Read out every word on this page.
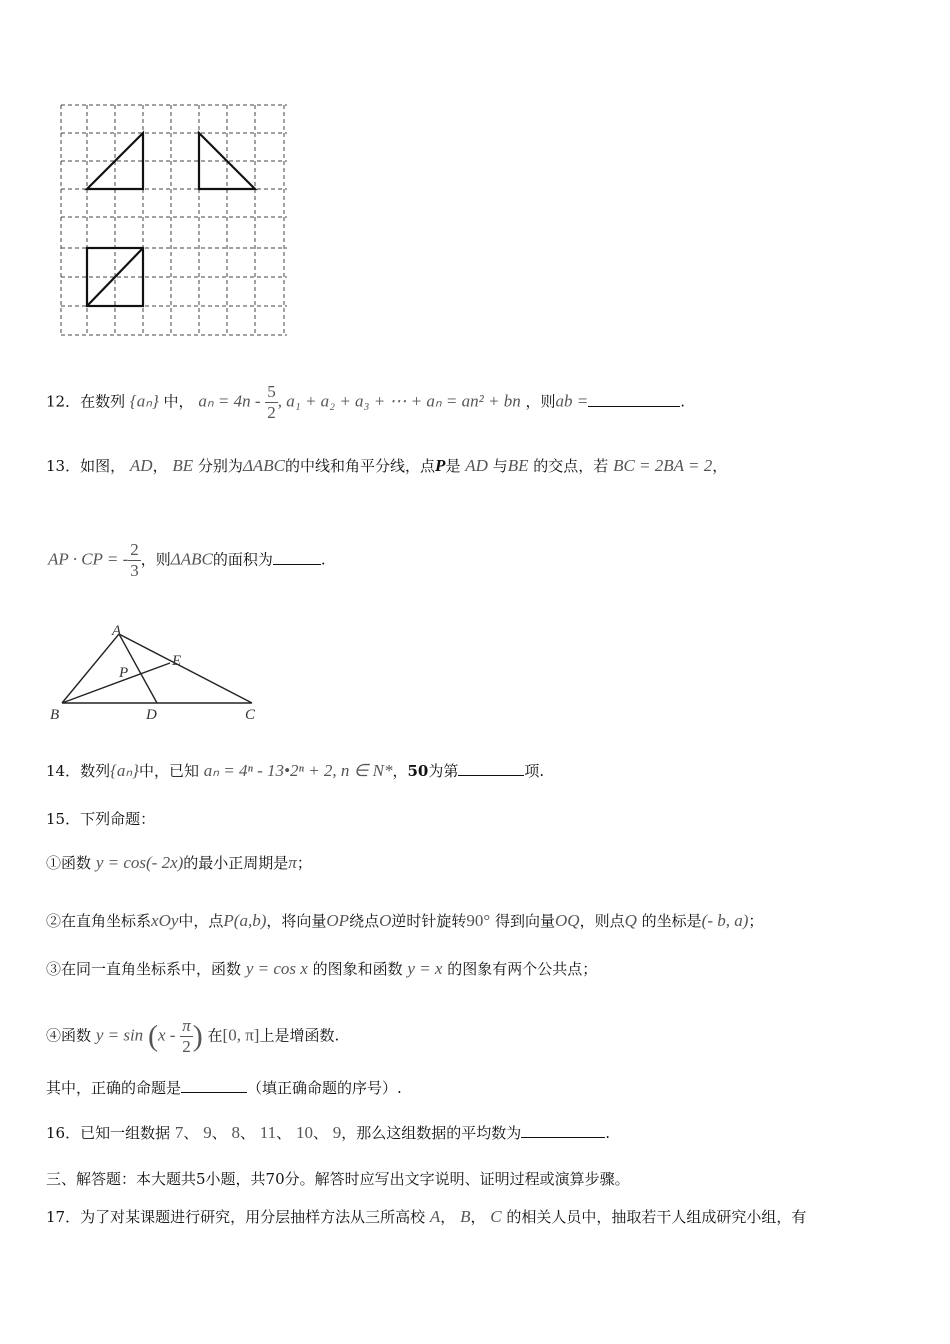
12．在数列 {aₙ} 中， $a_n = 4n - \frac{5}{2}$ , a₁ + a₂ + a₃ + ⋯ + aₙ = an² + bn ，则ab =	.
13．如图， AD， BE 分别为ΔABC的中线和角平分线，点P是 AD 与BE 的交点，若 BC = 2BA = 2，
AP · CP = - $\frac{2}{3}$ ，则ΔABC的面积为	.
A
B	C
D
E
P
14．数列{aₙ}中，已知 aₙ = 4ⁿ - 13•2ⁿ + 2, n ∈ N*，50为第	项.
15．下列命题：
①函数 y = cos(- 2x)的最小正周期是π；
②在直角坐标系xOy中，点P(a,b)，将向量OP绕点O逆时针旋转90° 得到向量OQ，则点Q 的坐标是(- b, a)；
③在同一直角坐标系中，函数 y = cos x 的图象和函数 y = x 的图象有两个公共点；
④函数 $y = \sin (x - \frac{\pi}{2}$ ) 在[0, π]上是增函数.
其中，正确的命题是	（填正确命题的序号）.
16．已知一组数据 7、 9、 8、 11、 10、 9，那么这组数据的平均数为	.
三、解答题：本大题共5小题，共70分。解答时应写出文字说明、证明过程或演算步骤。
17．为了对某课题进行研究，用分层抽样方法从三所高校 A， B， C 的相关人员中，抽取若干人组成研究小组，有
